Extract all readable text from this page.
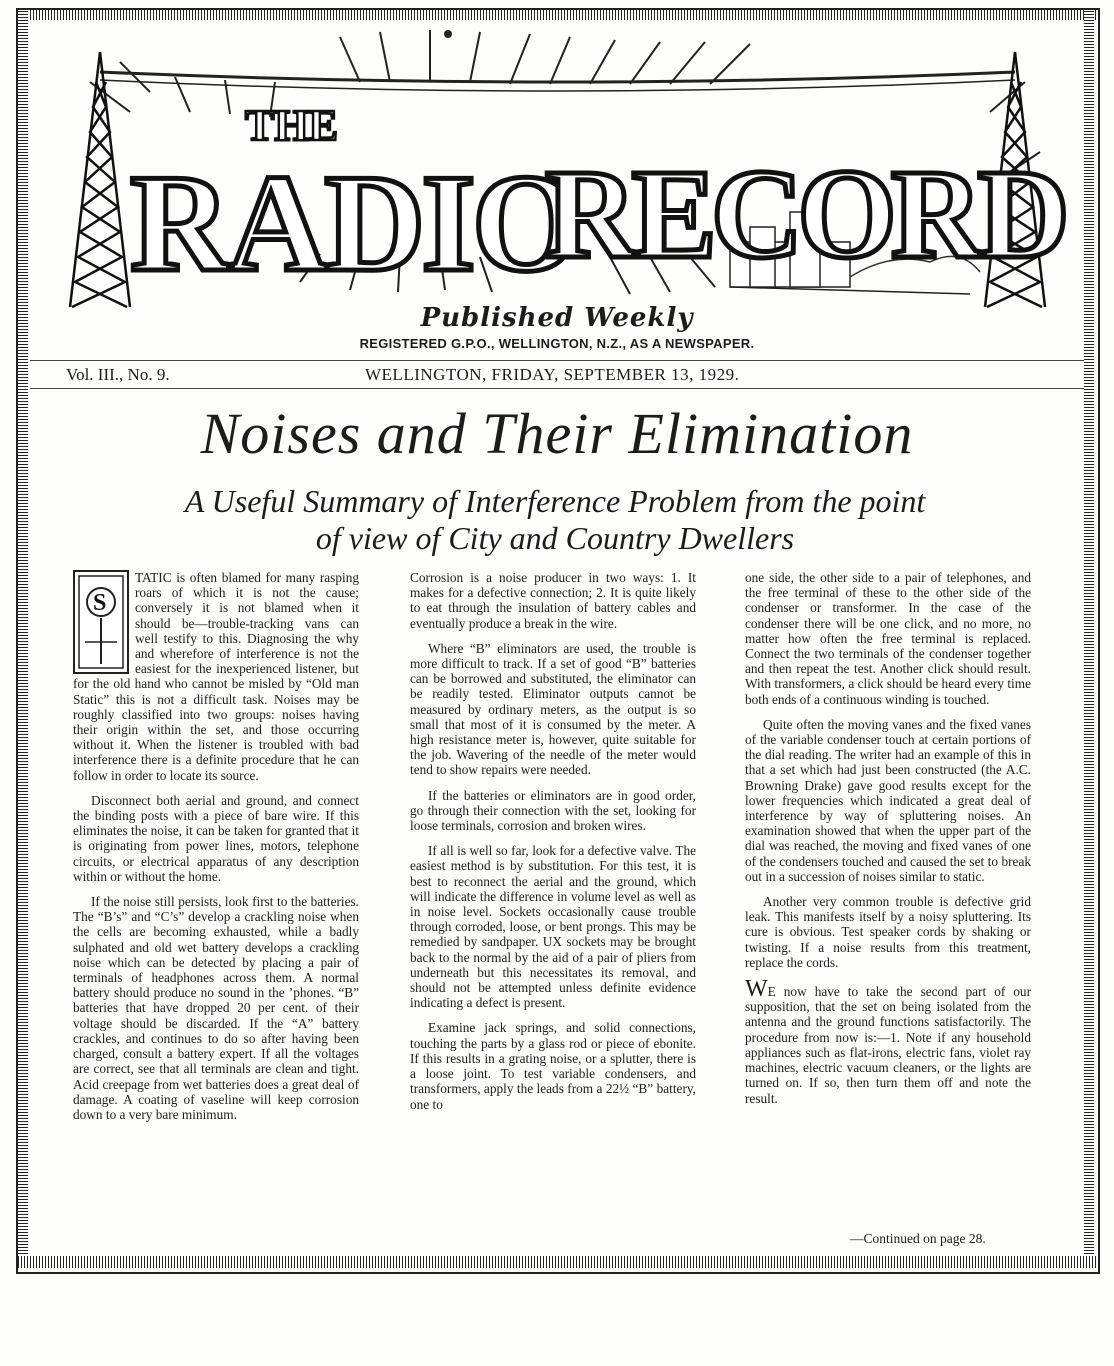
THE
RADIO
RECORD
Published Weekly
REGISTERED G.P.O., WELLINGTON, N.Z., AS A NEWSPAPER.
Vol. III., No. 9.	WELLINGTON, FRIDAY, SEPTEMBER 13, 1929.
Noises and Their Elimination
A Useful Summary of Interference Problem from the point
of view of City and Country Dwellers
S

TATIC is often blamed for many rasping roars of which it is not the cause; conversely it is not blamed when it should be—trouble-tracking vans can well testify to this. Diagnosing the why and wherefore of interference is not the easiest for the inexperienced listener, but for the old hand who cannot be misled by “Old man Static” this is not a difficult task. Noises may be roughly classified into two groups: noises having their origin within the set, and those occurring without it. When the listener is troubled with bad interference there is a definite procedure that he can follow in order to locate its source.

Disconnect both aerial and ground, and connect the binding posts with a piece of bare wire. If this eliminates the noise, it can be taken for granted that it is originating from power lines, motors, telephone circuits, or electrical apparatus of any description within or without the home.

If the noise still persists, look first to the batteries. The “B’s” and “C’s” develop a crackling noise when the cells are becoming exhausted, while a badly sulphated and old wet battery develops a crackling noise which can be detected by placing a pair of terminals of headphones across them. A normal battery should produce no sound in the ’phones. “B” batteries that have dropped 20 per cent. of their voltage should be discarded. If the “A” battery crackles, and continues to do so after having been charged, consult a battery expert. If all the voltages are correct, see that all terminals are clean and tight. Acid creepage from wet batteries does a great deal of damage. A coating of vaseline will keep corrosion down to a very bare minimum.

Corrosion is a noise producer in two ways: 1. It makes for a defective connection; 2. It is quite likely to eat through the insulation of battery cables and eventually produce a break in the wire.

Where “B” eliminators are used, the trouble is more difficult to track. If a set of good “B” batteries can be borrowed and substituted, the eliminator can be readily tested. Eliminator outputs cannot be measured by ordinary meters, as the output is so small that most of it is consumed by the meter. A high resistance meter is, however, quite suitable for the job. Wavering of the needle of the meter would tend to show repairs were needed.

If the batteries or eliminators are in good order, go through their connection with the set, looking for loose terminals, corrosion and broken wires.

If all is well so far, look for a defective valve. The easiest method is by substitution. For this test, it is best to reconnect the aerial and the ground, which will indicate the difference in volume level as well as in noise level. Sockets occasionally cause trouble through corroded, loose, or bent prongs. This may be remedied by sandpaper. UX sockets may be brought back to the normal by the aid of a pair of pliers from underneath but this necessitates its removal, and should not be attempted unless definite evidence indicating a defect is present.

Examine jack springs, and solid connections, touching the parts by a glass rod or piece of ebonite. If this results in a grating noise, or a splutter, there is a loose joint. To test variable condensers, and transformers, apply the leads from a 22½ “B” battery, one to

one side, the other side to a pair of telephones, and the free terminal of these to the other side of the condenser or transformer. In the case of the condenser there will be one click, and no more, no matter how often the free terminal is replaced. Connect the two terminals of the condenser together and then repeat the test. Another click should result. With transformers, a click should be heard every time both ends of a continuous winding is touched.

Quite often the moving vanes and the fixed vanes of the variable condenser touch at certain portions of the dial reading. The writer had an example of this in that a set which had just been constructed (the A.C. Browning Drake) gave good results except for the lower frequencies which indicated a great deal of interference by way of spluttering noises. An examination showed that when the upper part of the dial was reached, the moving and fixed vanes of one of the condensers touched and caused the set to break out in a succession of noises similar to static.

Another very common trouble is defective grid leak. This manifests itself by a noisy spluttering. Its cure is obvious. Test speaker cords by shaking or twisting. If a noise results from this treatment, replace the cords.

WE now have to take the second part of our supposition, that the set on being isolated from the antenna and the ground functions satisfactorily. The procedure from now is:—1. Note if any household appliances such as flat-irons, electric fans, violet ray machines, electric vacuum cleaners, or the lights are turned on. If so, then turn them off and note the result.

—Continued on page 28.
